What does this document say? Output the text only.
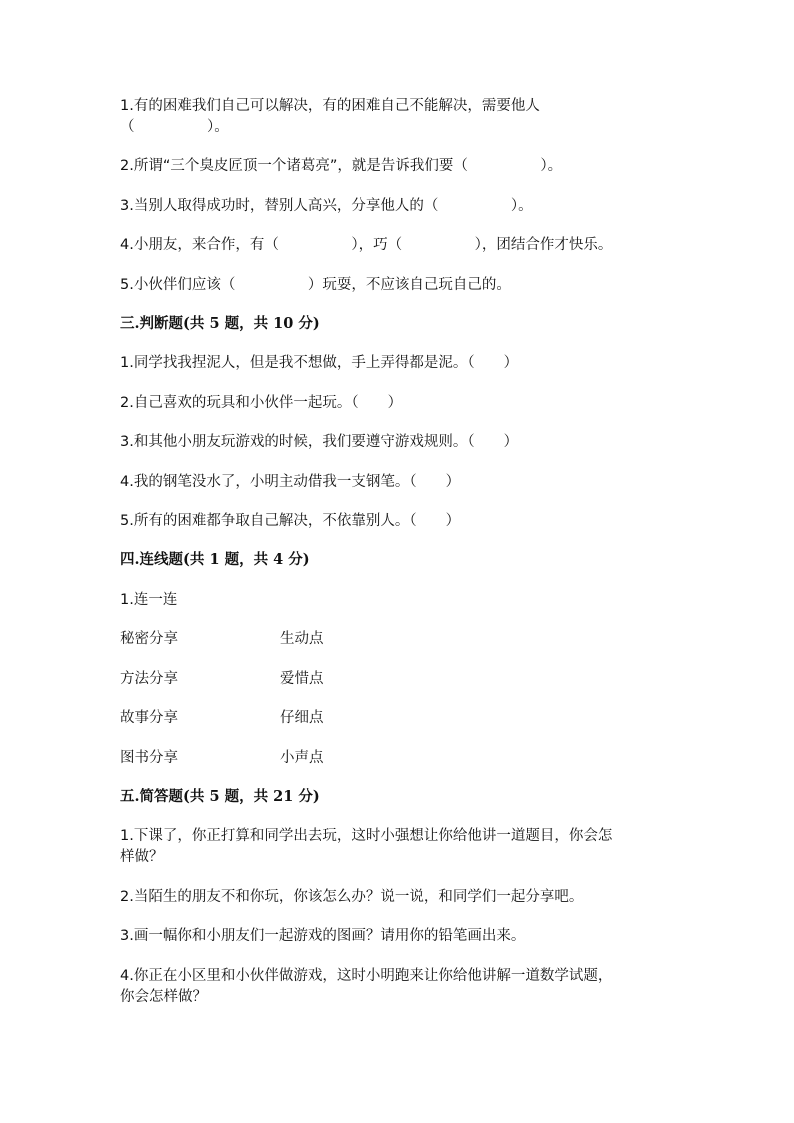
1.有的困难我们自己可以解决，有的困难自己不能解决，需要他人
（　　　　　）。
2.所谓“三个臭皮匠顶一个诸葛亮”，就是告诉我们要（　　　　　）。
3.当别人取得成功时，替别人高兴，分享他人的（　　　　　）。
4.小朋友，来合作，有（　　　　　），巧（　　　　　），团结合作才快乐。
5.小伙伴们应该（　　　　　）玩耍，不应该自己玩自己的。
三.判断题(共 5 题，共 10 分)
1.同学找我捏泥人，但是我不想做，手上弄得都是泥。（　　）
2.自己喜欢的玩具和小伙伴一起玩。（　　）
3.和其他小朋友玩游戏的时候，我们要遵守游戏规则。（　　）
4.我的钢笔没水了，小明主动借我一支钢笔。（　　）
5.所有的困难都争取自己解决，不依靠别人。（　　）
四.连线题(共 1 题，共 4 分)
1.连一连
秘密分享	生动点
方法分享	爱惜点
故事分享	仔细点
图书分享	小声点
五.简答题(共 5 题，共 21 分)
1.下课了，你正打算和同学出去玩，这时小强想让你给他讲一道题目，你会怎
样做？
2.当陌生的朋友不和你玩，你该怎么办？说一说，和同学们一起分享吧。
3.画一幅你和小朋友们一起游戏的图画？请用你的铅笔画出来。
4.你正在小区里和小伙伴做游戏，这时小明跑来让你给他讲解一道数学试题，
你会怎样做？
